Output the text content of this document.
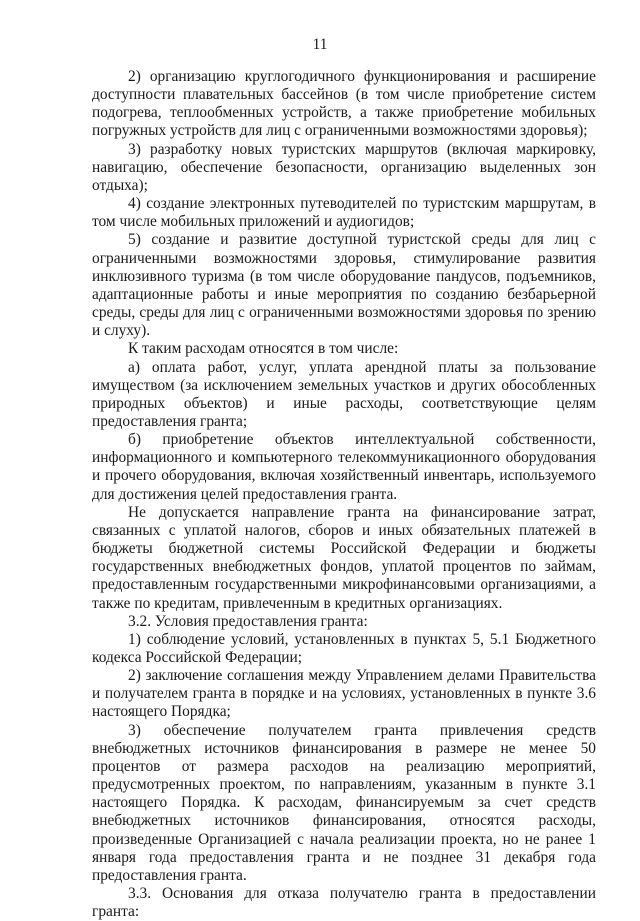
11

2) организацию круглогодичного функционирования и расширение доступности плавательных бассейнов (в том числе приобретение систем подогрева, теплообменных устройств, а также приобретение мобильных погружных устройств для лиц с ограниченными возможностями здоровья);

3) разработку новых туристских маршрутов (включая маркировку, навигацию, обеспечение безопасности, организацию выделенных зон отдыха);

4) создание электронных путеводителей по туристским маршрутам, в том числе мобильных приложений и аудиогидов;

5) создание и развитие доступной туристской среды для лиц с ограниченными возможностями здоровья, стимулирование развития инклюзивного туризма (в том числе оборудование пандусов, подъемников, адаптационные работы и иные мероприятия по созданию безбарьерной среды, среды для лиц с ограниченными возможностями здоровья по зрению и слуху).

К таким расходам относятся в том числе:

а) оплата работ, услуг, уплата арендной платы за пользование имуществом (за исключением земельных участков и других обособленных природных объектов) и иные расходы, соответствующие целям предоставления гранта;

б) приобретение объектов интеллектуальной собственности, информационного и компьютерного телекоммуникационного оборудования и прочего оборудования, включая хозяйственный инвентарь, используемого для достижения целей предоставления гранта.

Не допускается направление гранта на финансирование затрат, связанных с уплатой налогов, сборов и иных обязательных платежей в бюджеты бюджетной системы Российской Федерации и бюджеты государственных внебюджетных фондов, уплатой процентов по займам, предоставленным государственными микрофинансовыми организациями, а также по кредитам, привлеченным в кредитных организациях.

3.2. Условия предоставления гранта:

1) соблюдение условий, установленных в пунктах 5, 5.1 Бюджетного кодекса Российской Федерации;

2) заключение соглашения между Управлением делами Правительства и получателем гранта в порядке и на условиях, установленных в пункте 3.6 настоящего Порядка;

3) обеспечение получателем гранта привлечения средств внебюджетных источников финансирования в размере не менее 50 процентов от размера расходов на реализацию мероприятий, предусмотренных проектом, по направлениям, указанным в пункте 3.1 настоящего Порядка. К расходам, финансируемым за счет средств внебюджетных источников финансирования, относятся расходы, произведенные Организацией с начала реализации проекта, но не ранее 1 января года предоставления гранта и не позднее 31 декабря года предоставления гранта.

3.3. Основания для отказа получателю гранта в предоставлении гранта:
